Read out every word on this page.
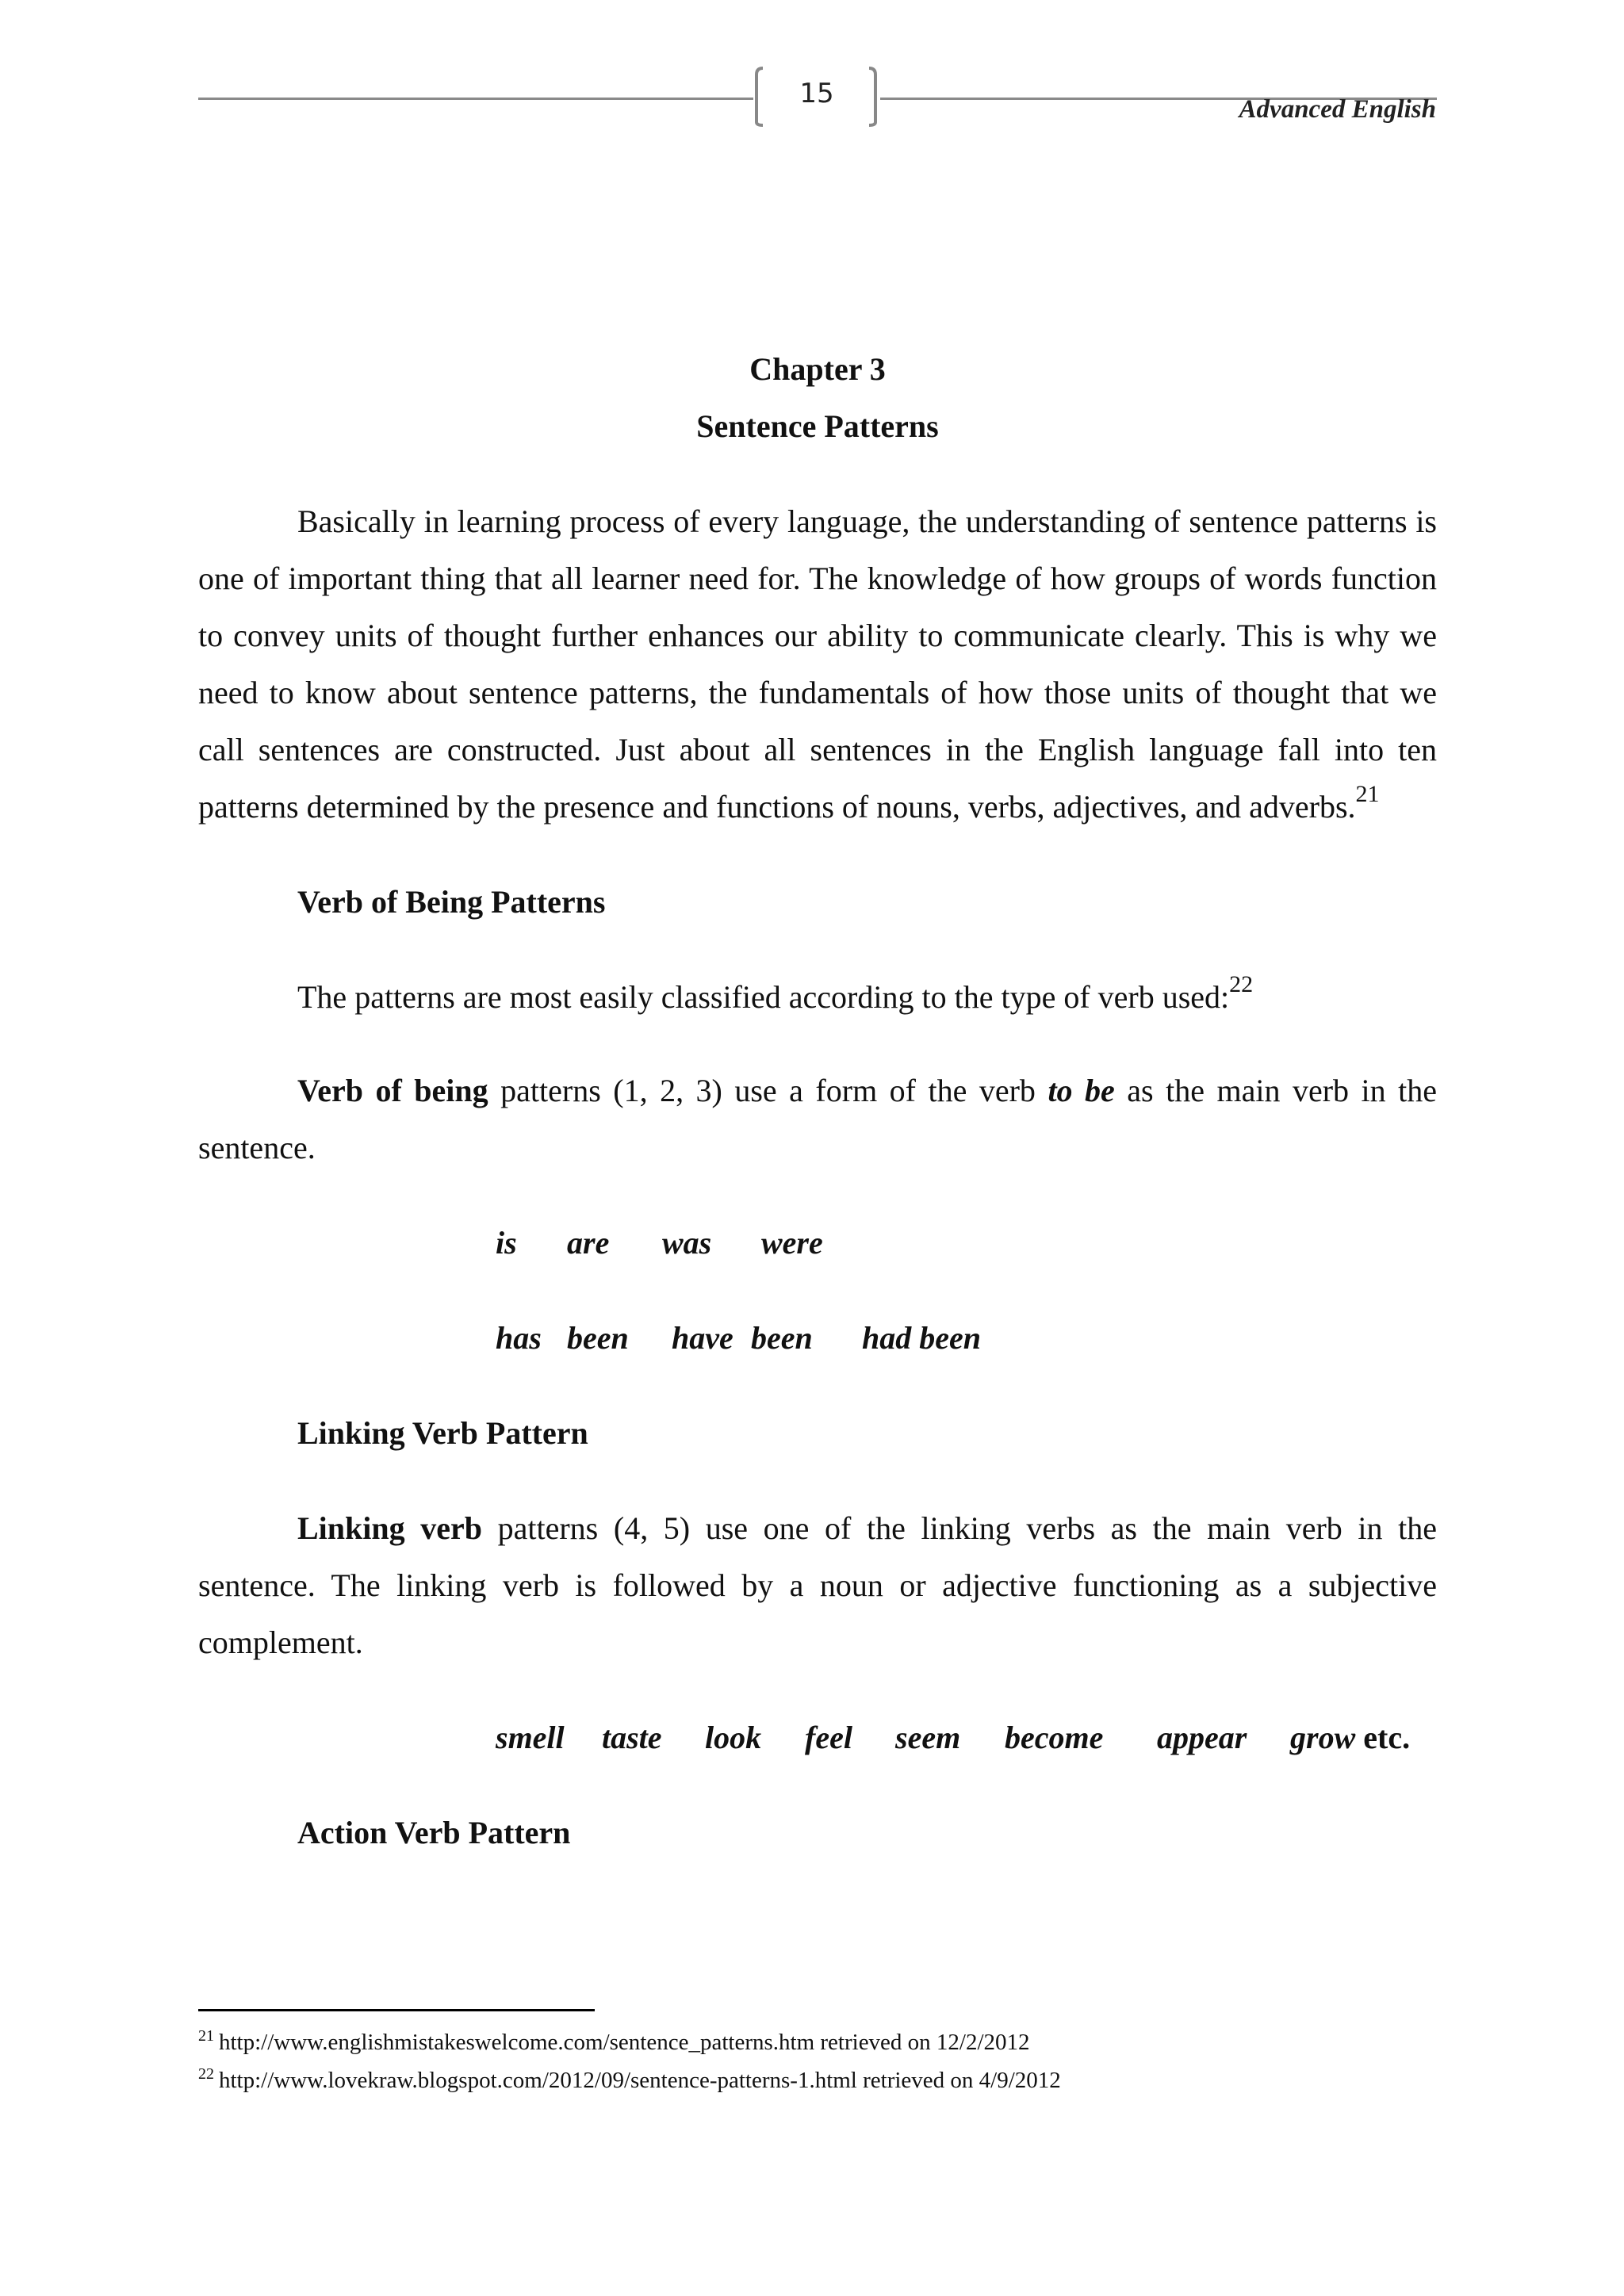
15	Advanced English

Chapter 3

Sentence Patterns

Basically in learning process of every language, the understanding of sentence patterns is one of important thing that all learner need for. The knowledge of how groups of words function to convey units of thought further enhances our ability to communicate clearly. This is why we need to know about sentence patterns, the fundamentals of how those units of thought that we call sentences are constructed. Just about all sentences in the English language fall into ten patterns determined by the presence and functions of nouns, verbs, adjectives, and adverbs.$^{21}$

Verb of Being Patterns

The patterns are most easily classified according to the type of verb used:$^{22}$

Verb of being patterns (1, 2, 3) use a form of the verb to be as the main verb in the sentence.

is	are	was	were

has been	have been	had been

Linking Verb Pattern

Linking verb patterns (4, 5) use one of the linking verbs as the main verb in the sentence. The linking verb is followed by a noun or adjective functioning as a subjective complement.

smell	taste	look	feel	seem	become	appear	grow etc.

Action Verb Pattern

$^{21}$ http://www.englishmistakeswelcome.com/sentence_patterns.htm retrieved on 12/2/2012

$^{22}$ http://www.lovekraw.blogspot.com/2012/09/sentence-patterns-1.html retrieved on 4/9/2012
